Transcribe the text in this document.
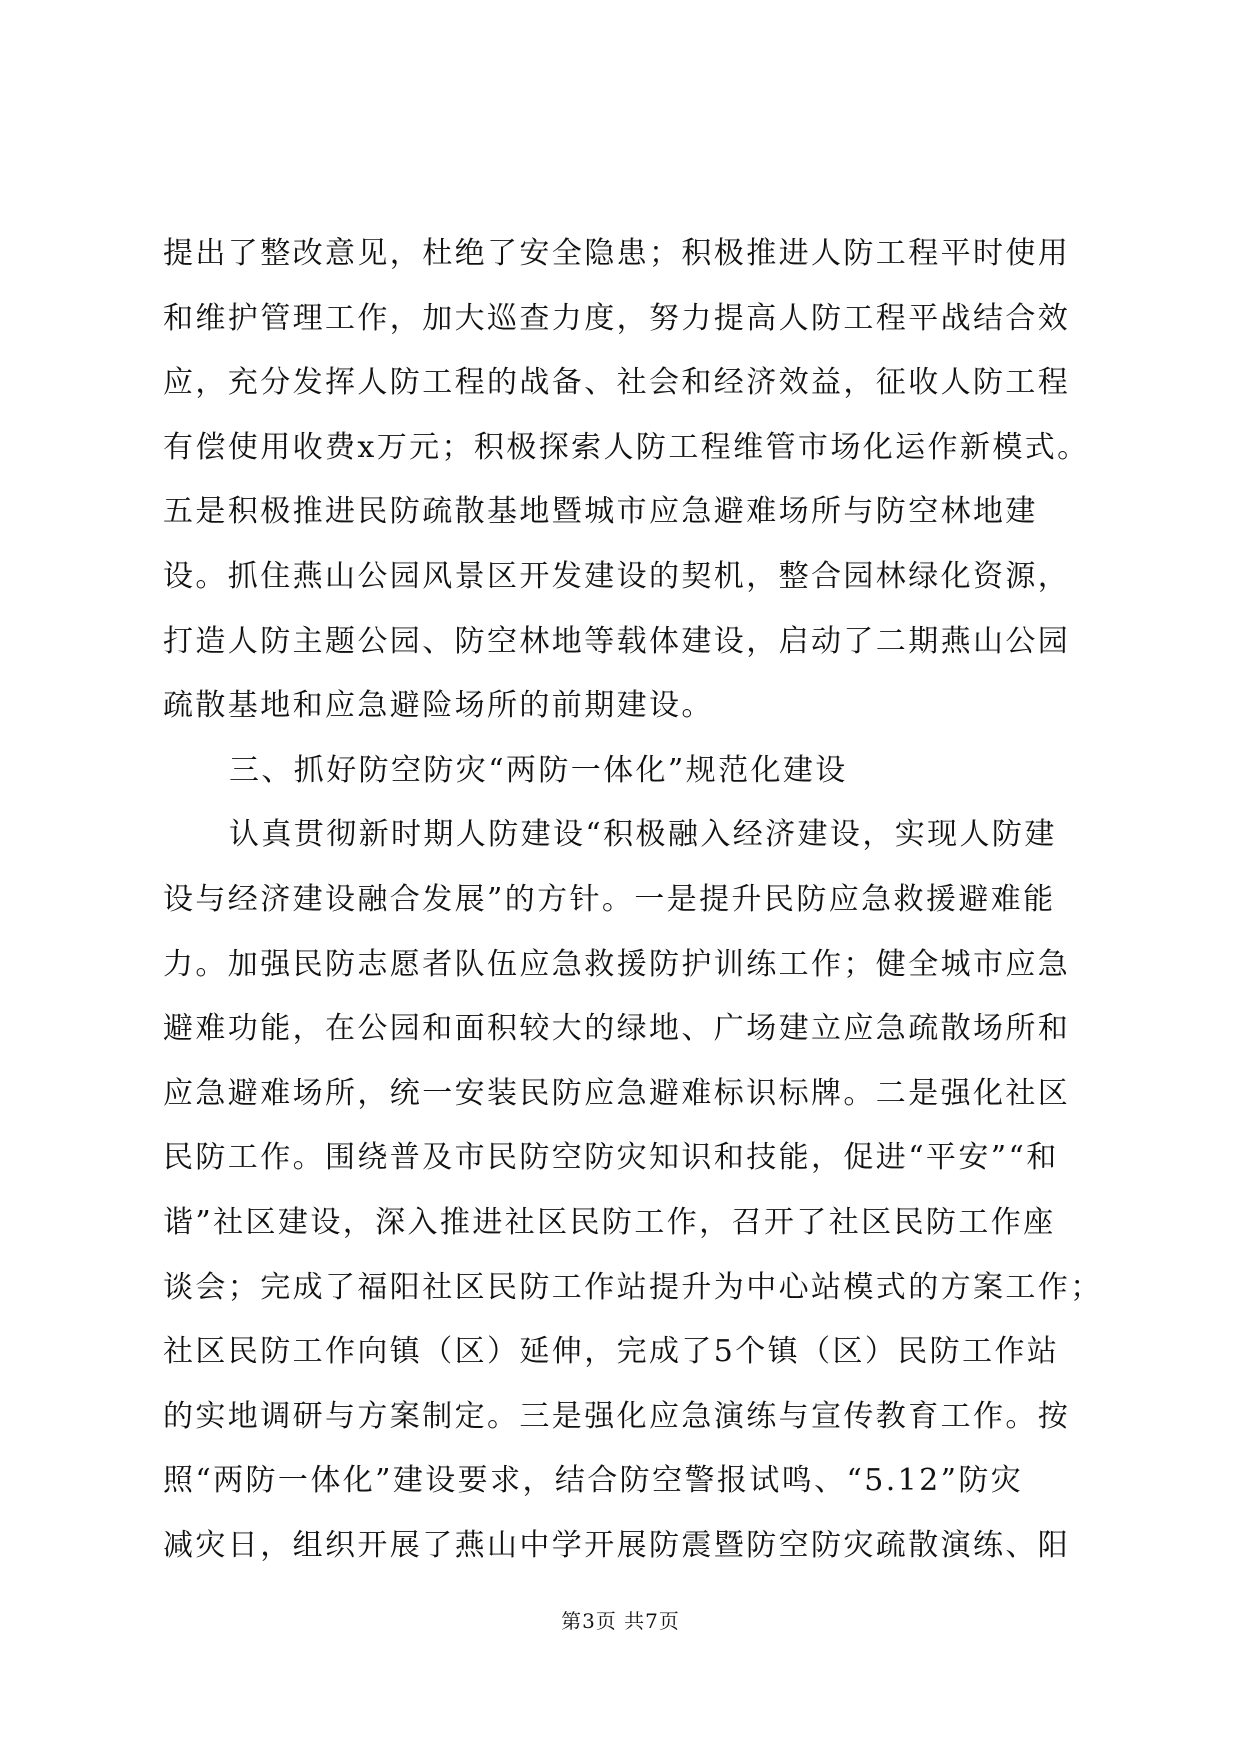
提出了整改意见，杜绝了安全隐患；积极推进人防工程平时使用
和维护管理工作，加大巡查力度，努力提高人防工程平战结合效
应，充分发挥人防工程的战备、社会和经济效益，征收人防工程
有偿使用收费x万元；积极探索人防工程维管市场化运作新模式。
五是积极推进民防疏散基地暨城市应急避难场所与防空林地建
设。抓住燕山公园风景区开发建设的契机，整合园林绿化资源，
打造人防主题公园、防空林地等载体建设，启动了二期燕山公园
疏散基地和应急避险场所的前期建设。
三、抓好防空防灾“两防一体化”规范化建设
认真贯彻新时期人防建设“积极融入经济建设，实现人防建
设与经济建设融合发展”的方针。一是提升民防应急救援避难能
力。加强民防志愿者队伍应急救援防护训练工作；健全城市应急
避难功能，在公园和面积较大的绿地、广场建立应急疏散场所和
应急避难场所，统一安装民防应急避难标识标牌。二是强化社区
民防工作。围绕普及市民防空防灾知识和技能，促进“平安”“和
谐”社区建设，深入推进社区民防工作，召开了社区民防工作座
谈会；完成了福阳社区民防工作站提升为中心站模式的方案工作；
社区民防工作向镇（区）延伸，完成了5个镇（区）民防工作站
的实地调研与方案制定。三是强化应急演练与宣传教育工作。按
照“两防一体化”建设要求，结合防空警报试鸣、“5.12”防灾
减灾日，组织开展了燕山中学开展防震暨防空防灾疏散演练、阳
第3页 共7页
